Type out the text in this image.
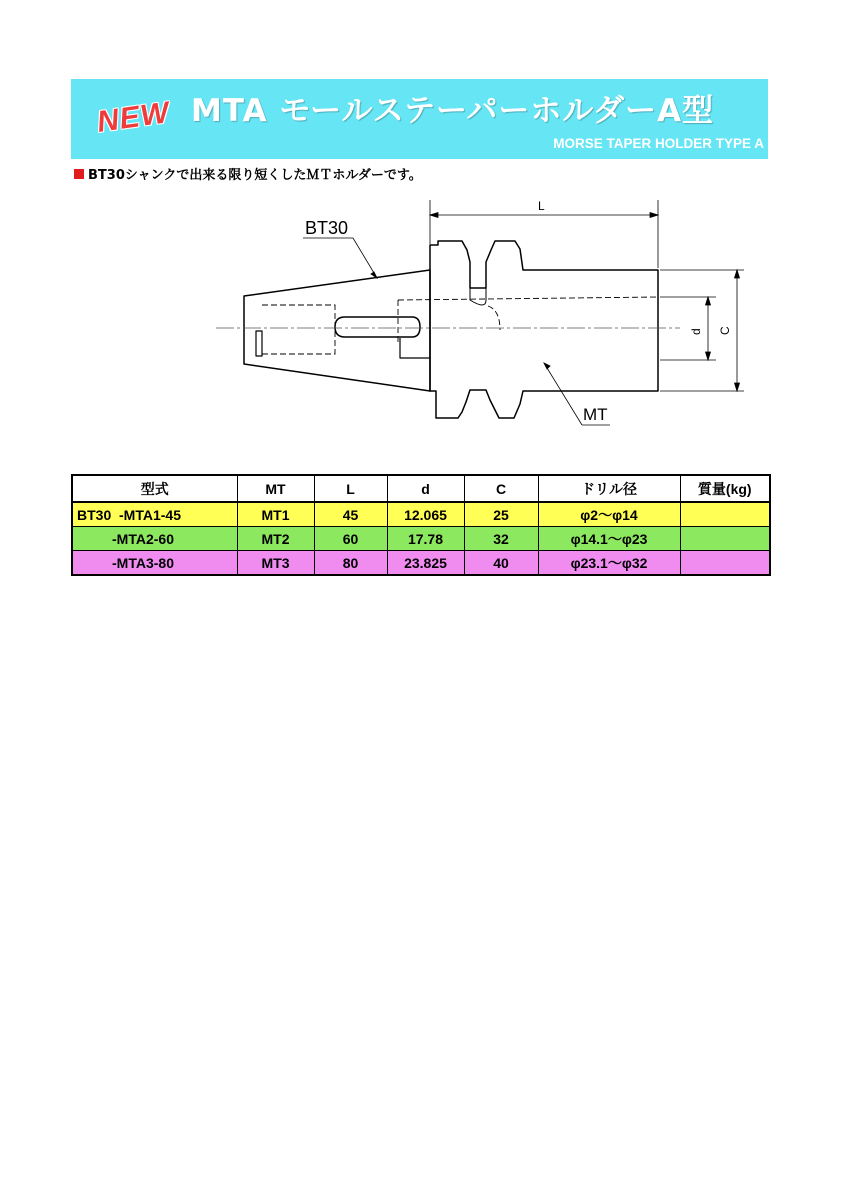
NEW MTA モールステーパーホルダーA型
MORSE TAPER HOLDER TYPE A

BT30シャンクで出来る限り短くしたＭＴホルダーです。

BT30
MT
L
d C
型式	MT	L	d	C	ドリル径	質量(kg)
BT30  -MTA1-45	MT1	45	12.065	25	φ2～φ14	
-MTA2-60	MT2	60	17.78	32	φ14.1～φ23	
-MTA3-80	MT3	80	23.825	40	φ23.1～φ32	
